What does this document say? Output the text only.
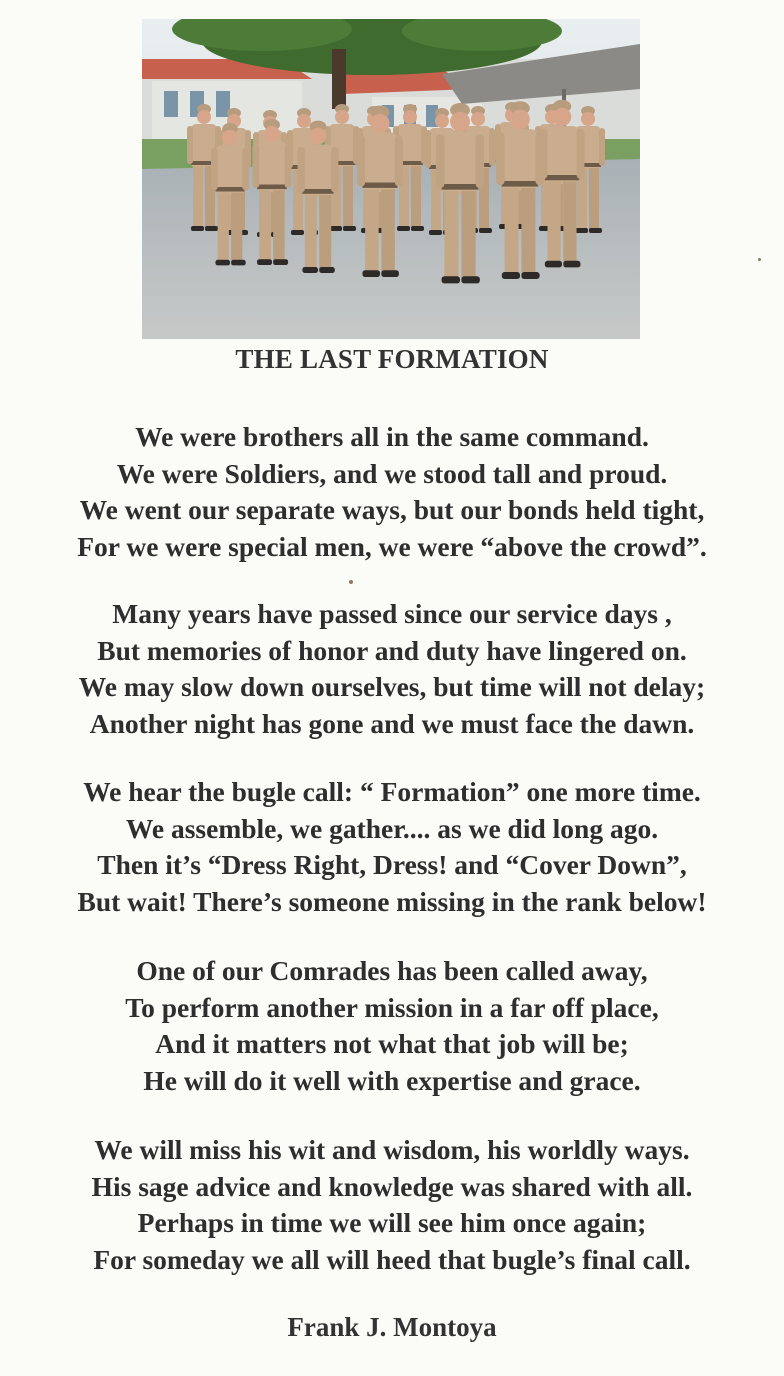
THE LAST FORMATION
We were brothers all in the same command.
We were Soldiers, and we stood tall and proud.
We went our separate ways, but our bonds held tight,
For we were special men, we were “above the crowd”.
Many years have passed since our service days ,
But memories of honor and duty have lingered on.
We may slow down ourselves, but time will not delay;
Another night has gone and we must face the dawn.
We hear the bugle call: “ Formation” one more time.
We assemble, we gather.... as we did long ago.
Then it’s “Dress Right, Dress! and “Cover Down”,
But wait! There’s someone missing in the rank below!
One of our Comrades has been called away,
To perform another mission in a far off place,
And it matters not what that job will be;
He will do it well with expertise and grace.
We will miss his wit and wisdom, his worldly ways.
His sage advice and knowledge was shared with all.
Perhaps in time we will see him once again;
For someday we all will heed that bugle’s final call.
Frank J. Montoya
